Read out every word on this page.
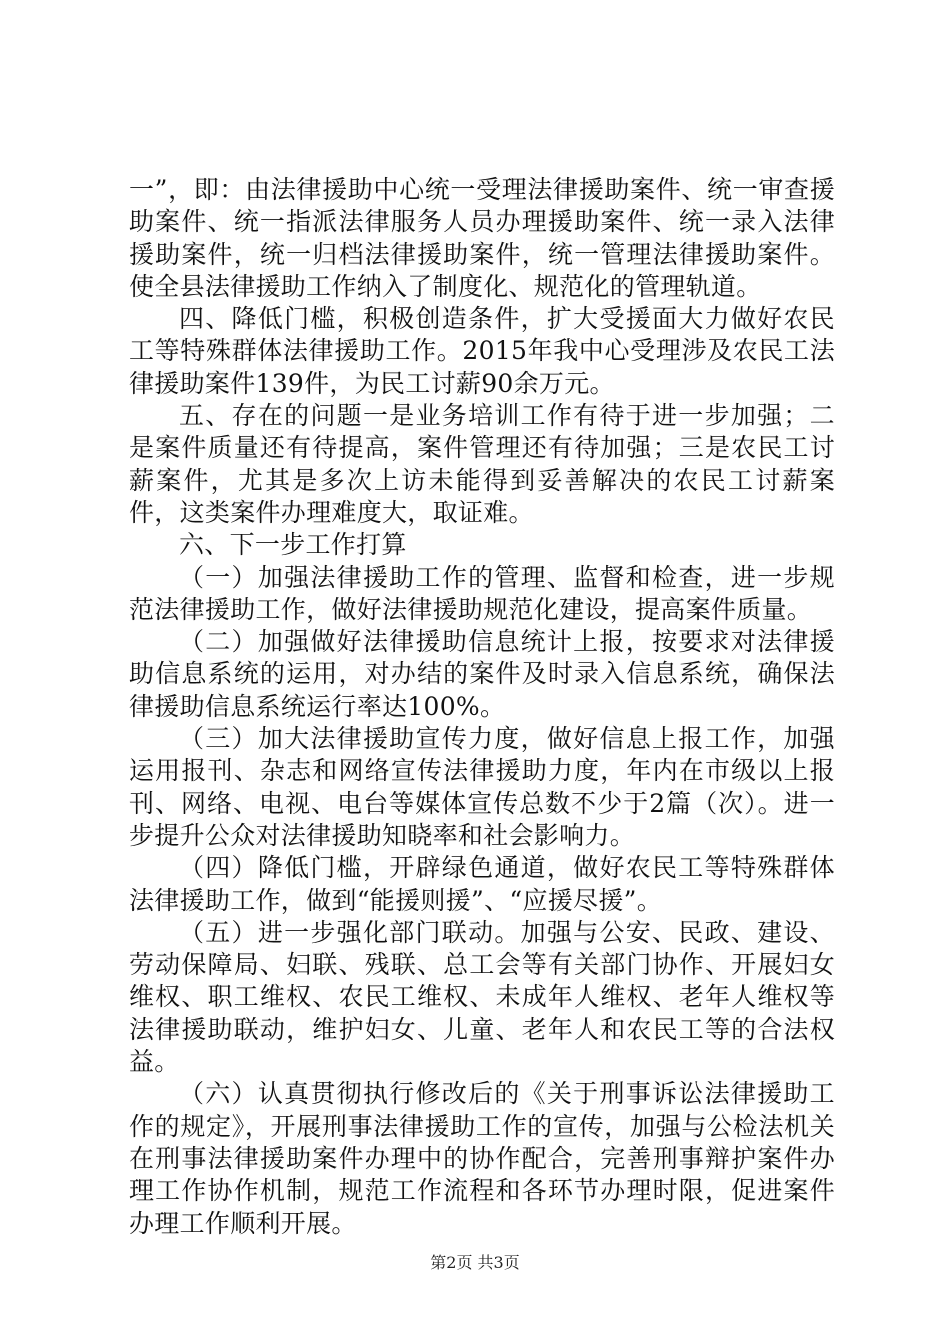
一”，即：由法律援助中心统一受理法律援助案件、统一审查援助案件、统一指派法律服务人员办理援助案件、统一录入法律援助案件，统一归档法律援助案件，统一管理法律援助案件。使全县法律援助工作纳入了制度化、规范化的管理轨道。

四、降低门槛，积极创造条件，扩大受援面大力做好农民工等特殊群体法律援助工作。2015年我中心受理涉及农民工法律援助案件139件，为民工讨薪90余万元。

五、存在的问题一是业务培训工作有待于进一步加强；二是案件质量还有待提高，案件管理还有待加强；三是农民工讨薪案件，尤其是多次上访未能得到妥善解决的农民工讨薪案件，这类案件办理难度大，取证难。

六、下一步工作打算

（一）加强法律援助工作的管理、监督和检查，进一步规范法律援助工作，做好法律援助规范化建设，提高案件质量。

（二）加强做好法律援助信息统计上报，按要求对法律援助信息系统的运用，对办结的案件及时录入信息系统，确保法律援助信息系统运行率达100%。

（三）加大法律援助宣传力度，做好信息上报工作，加强运用报刊、杂志和网络宣传法律援助力度，年内在市级以上报刊、网络、电视、电台等媒体宣传总数不少于2篇（次）。进一步提升公众对法律援助知晓率和社会影响力。

（四）降低门槛，开辟绿色通道，做好农民工等特殊群体法律援助工作，做到“能援则援”、“应援尽援”。

（五）进一步强化部门联动。加强与公安、民政、建设、劳动保障局、妇联、残联、总工会等有关部门协作、开展妇女维权、职工维权、农民工维权、未成年人维权、老年人维权等法律援助联动，维护妇女、儿童、老年人和农民工等的合法权益。

（六）认真贯彻执行修改后的《关于刑事诉讼法律援助工作的规定》，开展刑事法律援助工作的宣传，加强与公检法机关在刑事法律援助案件办理中的协作配合，完善刑事辩护案件办理工作协作机制，规范工作流程和各环节办理时限，促进案件办理工作顺利开展。

第2页 共3页
